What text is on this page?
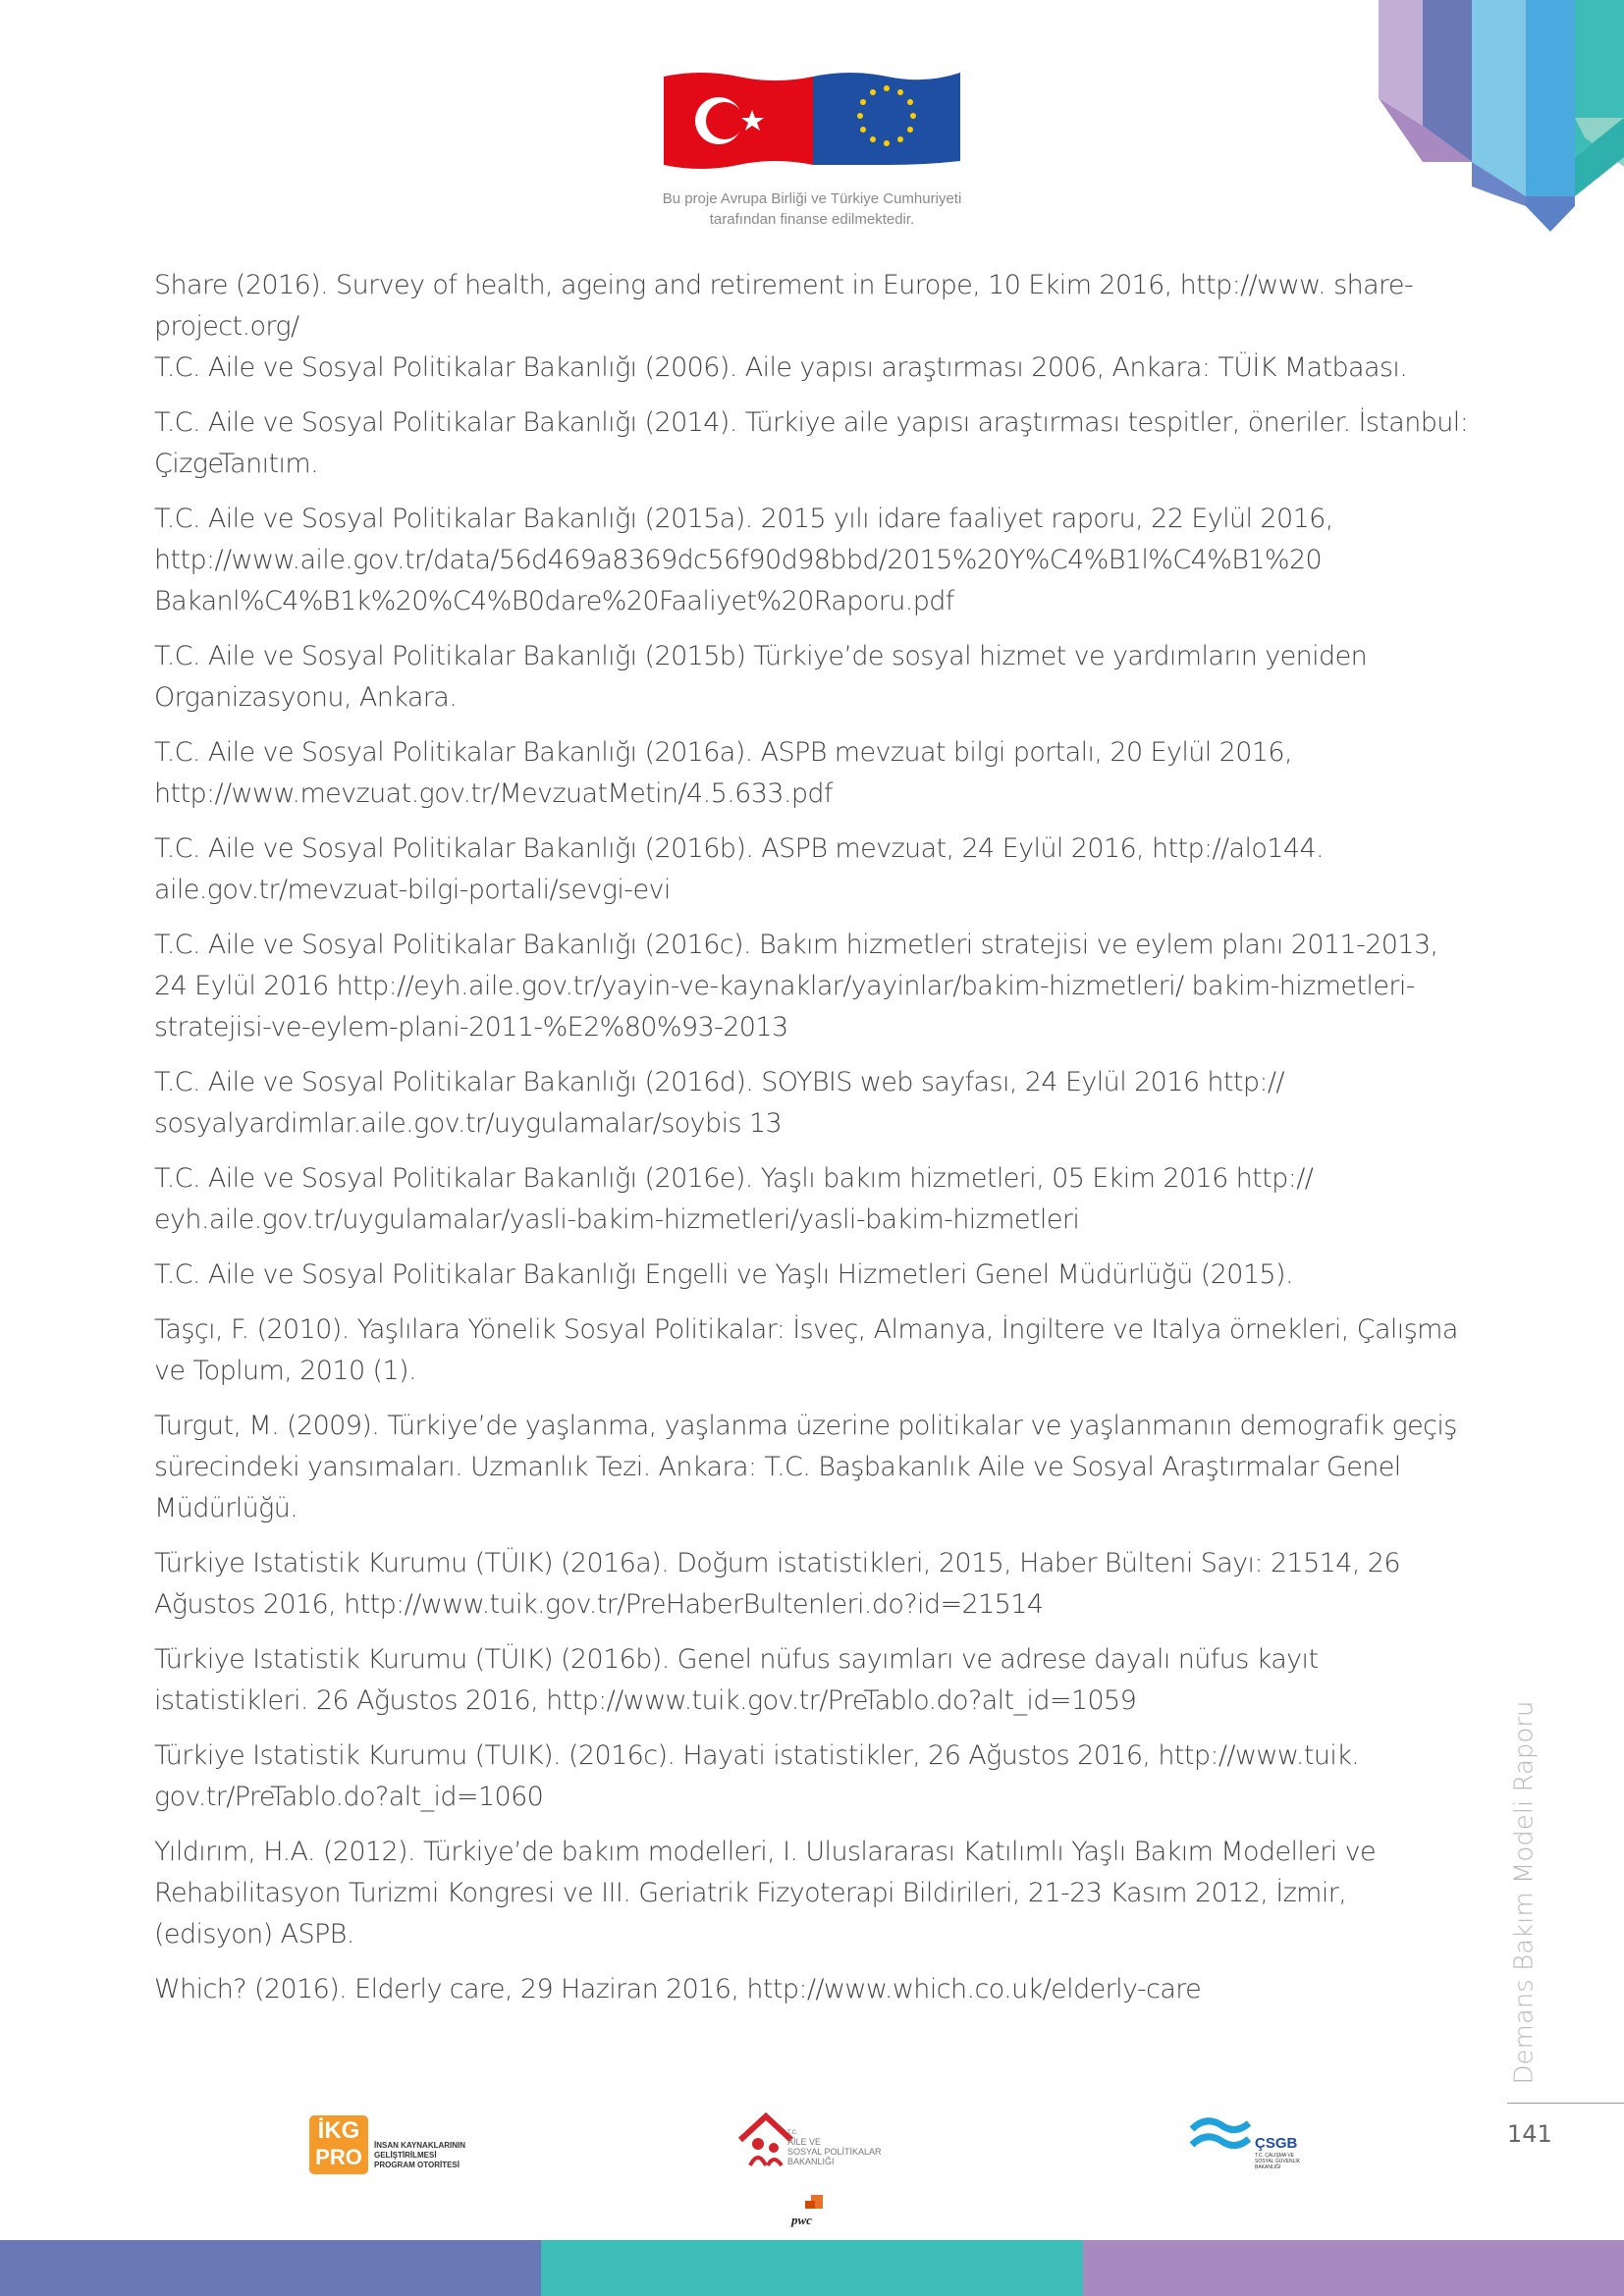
Bu proje Avrupa Birliği ve Türkiye Cumhuriyeti
tarafından finanse edilmektedir.

Share (2016). Survey of health, ageing and retirement in Europe, 10 Ekim 2016, http://www. share-project.org/

T.C. Aile ve Sosyal Politikalar Bakanlığı (2006). Aile yapısı araştırması 2006, Ankara: TÜİK Matbaası.

T.C. Aile ve Sosyal Politikalar Bakanlığı (2014). Türkiye aile yapısı araştırması tespitler, öneriler. İstanbul: ÇizgeTanıtım.

T.C. Aile ve Sosyal Politikalar Bakanlığı (2015a). 2015 yılı idare faaliyet raporu, 22 Eylül 2016, http://www.aile.gov.tr/data/56d469a8369dc56f90d98bbd/2015%20Y%C4%B1l%C4%B1%20 Bakanl%C4%B1k%20%C4%B0dare%20Faaliyet%20Raporu.pdf

T.C. Aile ve Sosyal Politikalar Bakanlığı (2015b) Türkiye’de sosyal hizmet ve yardımların yeniden Organizasyonu, Ankara.

T.C. Aile ve Sosyal Politikalar Bakanlığı (2016a). ASPB mevzuat bilgi portalı, 20 Eylül 2016, http://www.mevzuat.gov.tr/MevzuatMetin/4.5.633.pdf

T.C. Aile ve Sosyal Politikalar Bakanlığı (2016b). ASPB mevzuat, 24 Eylül 2016, http://alo144. aile.gov.tr/mevzuat-bilgi-portali/sevgi-evi

T.C. Aile ve Sosyal Politikalar Bakanlığı (2016c). Bakım hizmetleri stratejisi ve eylem planı 2011-2013, 24 Eylül 2016 http://eyh.aile.gov.tr/yayin-ve-kaynaklar/yayinlar/bakim-hizmetleri/ bakim-hizmetleri-stratejisi-ve-eylem-plani-2011-%E2%80%93-2013

T.C. Aile ve Sosyal Politikalar Bakanlığı (2016d). SOYBIS web sayfası, 24 Eylül 2016 http:// sosyalyardimlar.aile.gov.tr/uygulamalar/soybis 13

T.C. Aile ve Sosyal Politikalar Bakanlığı (2016e). Yaşlı bakım hizmetleri, 05 Ekim 2016 http:// eyh.aile.gov.tr/uygulamalar/yasli-bakim-hizmetleri/yasli-bakim-hizmetleri

T.C. Aile ve Sosyal Politikalar Bakanlığı Engelli ve Yaşlı Hizmetleri Genel Müdürlüğü (2015).

Taşçı, F. (2010). Yaşlılara Yönelik Sosyal Politikalar: İsveç, Almanya, İngiltere ve Italya örnekleri, Çalışma ve Toplum, 2010 (1).

Turgut, M. (2009). Türkiye’de yaşlanma, yaşlanma üzerine politikalar ve yaşlanmanın demografik geçiş sürecindeki yansımaları. Uzmanlık Tezi. Ankara: T.C. Başbakanlık Aile ve Sosyal Araştırmalar Genel Müdürlüğü.

Türkiye Istatistik Kurumu (TÜIK) (2016a). Doğum istatistikleri, 2015, Haber Bülteni Sayı: 21514, 26 Ağustos 2016, http://www.tuik.gov.tr/PreHaberBultenleri.do?id=21514

Türkiye Istatistik Kurumu (TÜIK) (2016b). Genel nüfus sayımları ve adrese dayalı nüfus kayıt istatistikleri. 26 Ağustos 2016, http://www.tuik.gov.tr/PreTablo.do?alt_id=1059

Türkiye Istatistik Kurumu (TUIK). (2016c). Hayati istatistikler, 26 Ağustos 2016, http://www.tuik. gov.tr/PreTablo.do?alt_id=1060

Yıldırım, H.A. (2012). Türkiye’de bakım modelleri, I. Uluslararası Katılımlı Yaşlı Bakım Modelleri ve Rehabilitasyon Turizmi Kongresi ve III. Geriatrik Fizyoterapi Bildirileri, 21-23 Kasım 2012, İzmir, (edisyon) ASPB.

Which? (2016). Elderly care, 29 Haziran 2016, http://www.which.co.uk/elderly-care	Demans Bakım Modeli Raporu
141
İKG
PRO	İNSAN KAYNAKLARININ
GELİŞTİRİLMESİ
PROGRAM OTORİTESİ
T.C.
AİLE VE
SOSYAL POLİTİKALAR
BAKANLIĞI
pwc
ÇSGB
T.C. ÇALIŞMA VE
SOSYAL GÜVENLİK
BAKANLIĞI
